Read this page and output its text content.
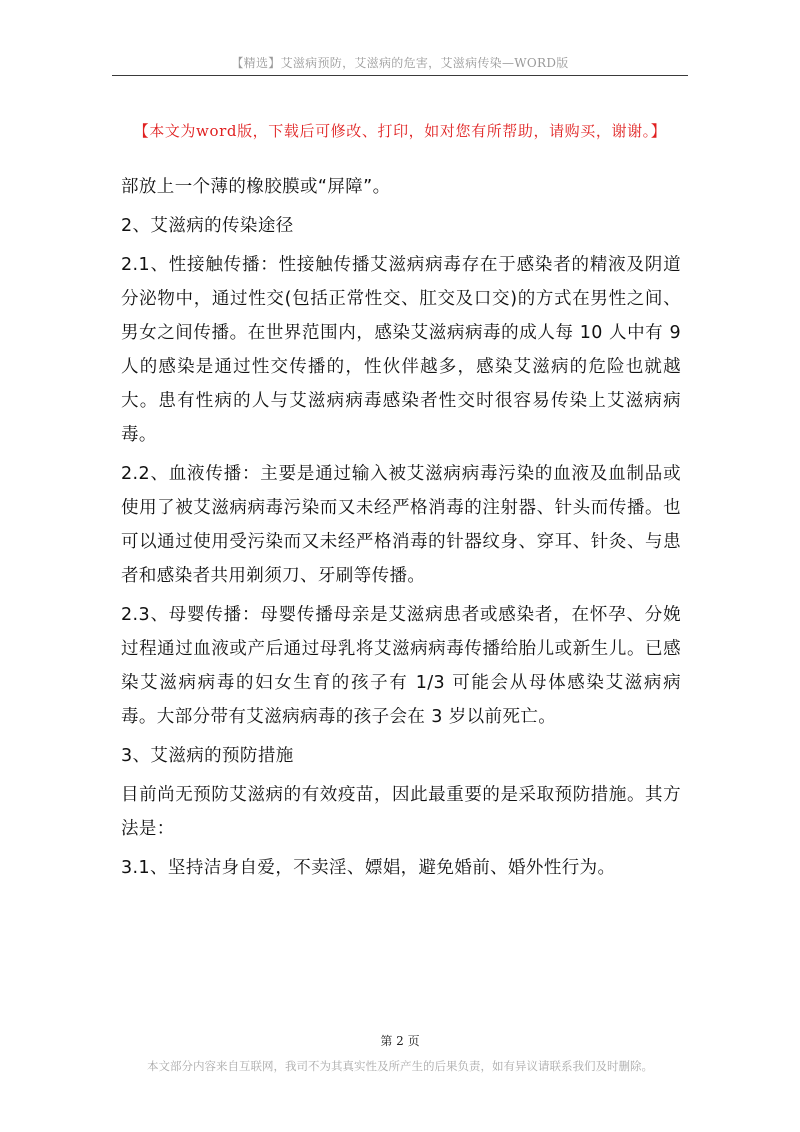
【精选】艾滋病预防，艾滋病的危害，艾滋病传染—WORD版
【本文为word版，下载后可修改、打印，如对您有所帮助，请购买，谢谢。】

部放上一个薄的橡胶膜或“屏障”。

2、艾滋病的传染途径

2.1、性接触传播：性接触传播艾滋病病毒存在于感染者的精液及阴道分泌物中，通过性交(包括正常性交、肛交及口交)的方式在男性之间、男女之间传播。在世界范围内，感染艾滋病病毒的成人每 10 人中有 9 人的感染是通过性交传播的，性伙伴越多，感染艾滋病的危险也就越大。患有性病的人与艾滋病病毒感染者性交时很容易传染上艾滋病病毒。

2.2、血液传播：主要是通过输入被艾滋病病毒污染的血液及血制品或使用了被艾滋病病毒污染而又未经严格消毒的注射器、针头而传播。也可以通过使用受污染而又未经严格消毒的针器纹身、穿耳、针灸、与患者和感染者共用剃须刀、牙刷等传播。

2.3、母婴传播：母婴传播母亲是艾滋病患者或感染者，在怀孕、分娩过程通过血液或产后通过母乳将艾滋病病毒传播给胎儿或新生儿。已感染艾滋病病毒的妇女生育的孩子有 1/3 可能会从母体感染艾滋病病毒。大部分带有艾滋病病毒的孩子会在 3 岁以前死亡。

3、艾滋病的预防措施

目前尚无预防艾滋病的有效疫苗，因此最重要的是采取预防措施。其方法是：

3.1、坚持洁身自爱，不卖淫、嫖娼，避免婚前、婚外性行为。

第 2 页
本文部分内容来自互联网，我司不为其真实性及所产生的后果负责，如有异议请联系我们及时删除。
